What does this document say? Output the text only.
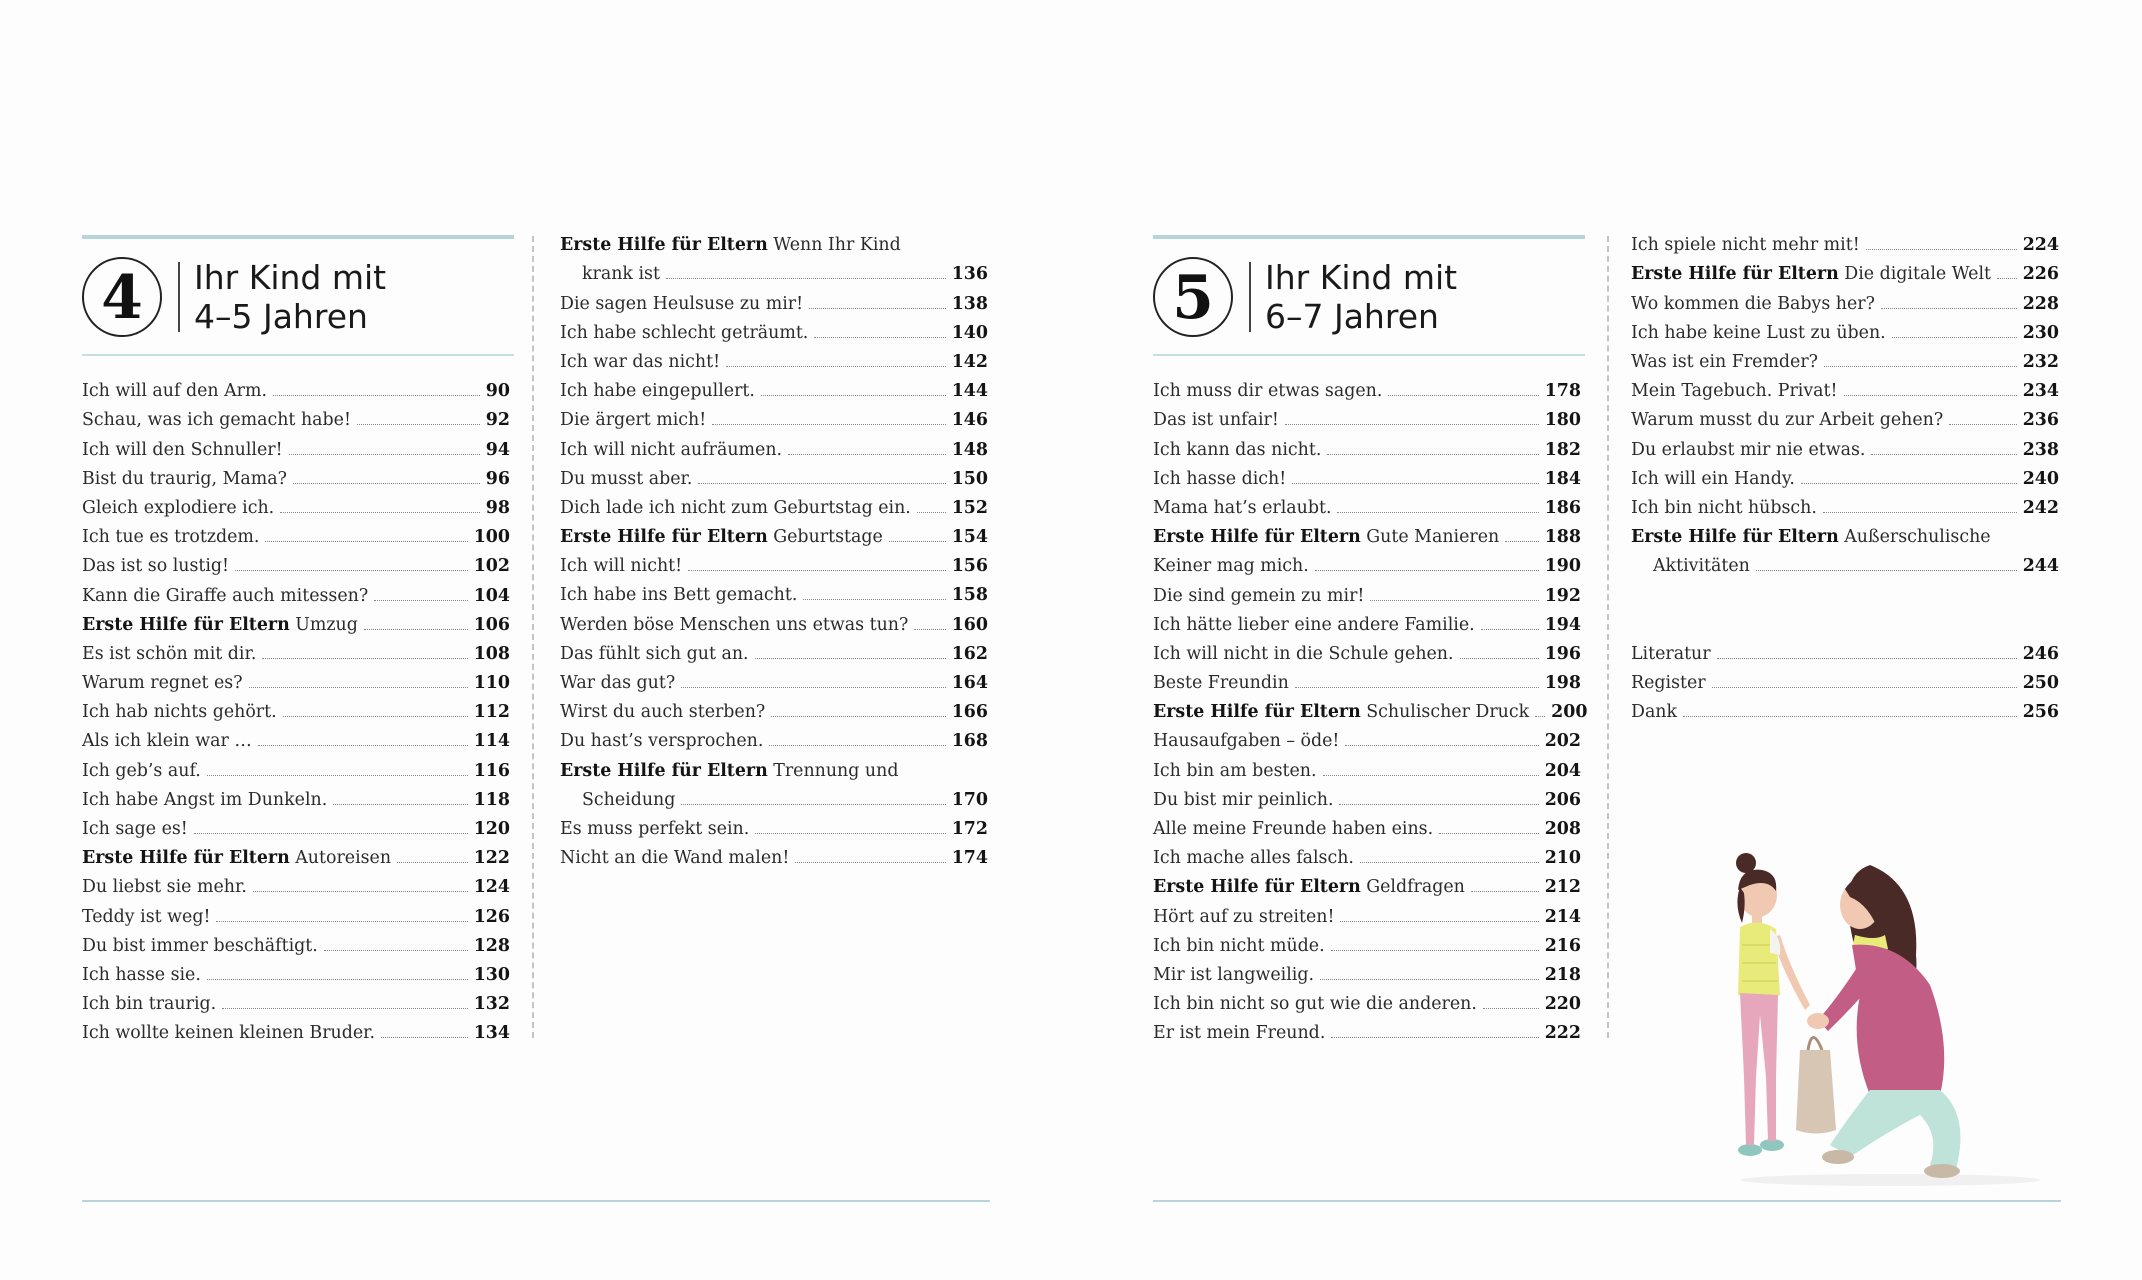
4	Ihr Kind mit
4–5 Jahren
Ich will auf den Arm.	90
Schau, was ich gemacht habe!	92
Ich will den Schnuller!	94
Bist du traurig, Mama?	96
Gleich explodiere ich.	98
Ich tue es trotzdem.	100
Das ist so lustig!	102
Kann die Giraffe auch mitessen?	104
Erste Hilfe für Eltern Umzug	106
Es ist schön mit dir.	108
Warum regnet es?	110
Ich hab nichts gehört.	112
Als ich klein war …	114
Ich geb’s auf.	116
Ich habe Angst im Dunkeln.	118
Ich sage es!	120
Erste Hilfe für Eltern Autoreisen	122
Du liebst sie mehr.	124
Teddy ist weg!	126
Du bist immer beschäftigt.	128
Ich hasse sie.	130
Ich bin traurig.	132
Ich wollte keinen kleinen Bruder.	134
Erste Hilfe für Eltern Wenn Ihr Kind
krank ist	136
Die sagen Heulsuse zu mir!	138
Ich habe schlecht geträumt.	140
Ich war das nicht!	142
Ich habe eingepullert.	144
Die ärgert mich!	146
Ich will nicht aufräumen.	148
Du musst aber.	150
Dich lade ich nicht zum Geburtstag ein. 152
Erste Hilfe für Eltern Geburtstage	154
Ich will nicht!	156
Ich habe ins Bett gemacht.	158
Werden böse Menschen uns etwas tun? 160
Das fühlt sich gut an.	162
War das gut?	164
Wirst du auch sterben?	166
Du hast’s versprochen.	168
Erste Hilfe für Eltern Trennung und
Scheidung	170
Es muss perfekt sein.	172
Nicht an die Wand malen!	174
5	Ihr Kind mit
6–7 Jahren
Ich muss dir etwas sagen.	178
Das ist unfair!	180
Ich kann das nicht.	182
Ich hasse dich!	184
Mama hat’s erlaubt.	186
Erste Hilfe für Eltern Gute Manieren	188
Keiner mag mich.	190
Die sind gemein zu mir!	192
Ich hätte lieber eine andere Familie.	194
Ich will nicht in die Schule gehen.	196
Beste Freundin	198
Erste Hilfe für Eltern Schulischer Druck 200
Hausaufgaben – öde!	202
Ich bin am besten.	204
Du bist mir peinlich.	206
Alle meine Freunde haben eins.	208
Ich mache alles falsch.	210
Erste Hilfe für Eltern Geldfragen	212
Hört auf zu streiten!	214
Ich bin nicht müde.	216
Mir ist langweilig.	218
Ich bin nicht so gut wie die anderen.	220
Er ist mein Freund.	222
Ich spiele nicht mehr mit!	224
Erste Hilfe für Eltern Die digitale Welt 226
Wo kommen die Babys her?	228
Ich habe keine Lust zu üben.	230
Was ist ein Fremder?	232
Mein Tagebuch. Privat!	234
Warum musst du zur Arbeit gehen?	236
Du erlaubst mir nie etwas.	238
Ich will ein Handy.	240
Ich bin nicht hübsch.	242
Erste Hilfe für Eltern Außerschulische
Aktivitäten	244
Literatur	246
Register	250
Dank	256
